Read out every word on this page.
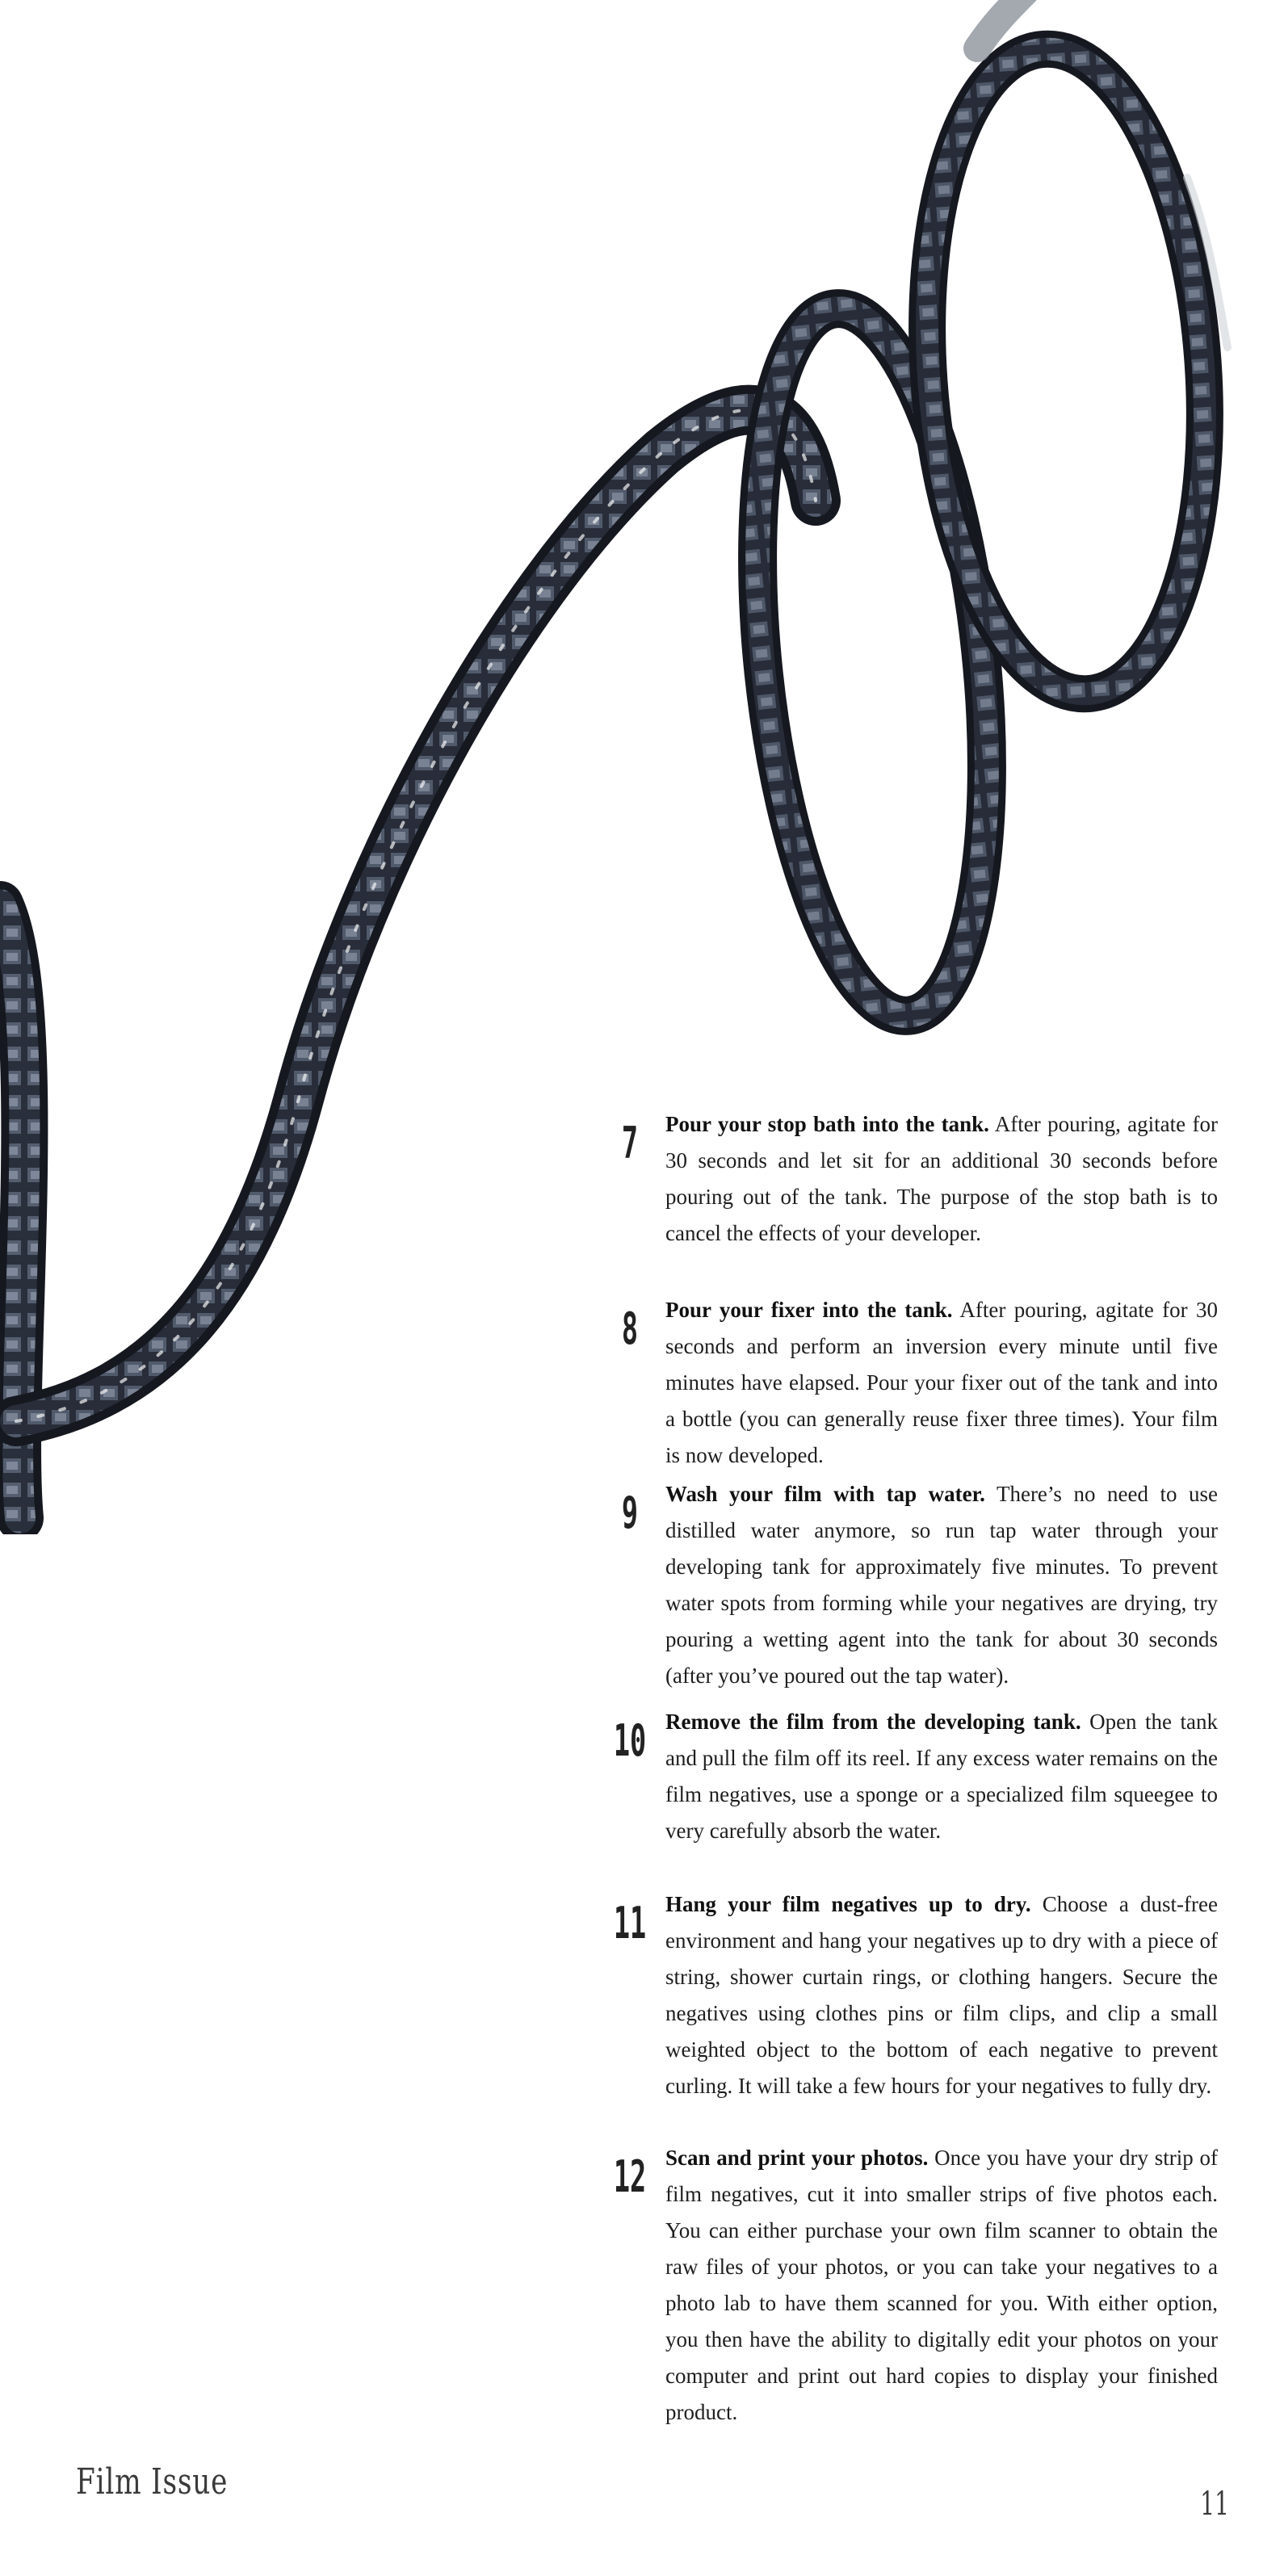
7	Pour your stop bath into the tank. After pouring, agitate for 30 seconds and let sit for an additional 30 seconds before pouring out of the tank. The purpose of the stop bath is to cancel the effects of your developer.

8	Pour your fixer into the tank. After pouring, agitate for 30 seconds and perform an inversion every minute until five minutes have elapsed. Pour your fixer out of the tank and into a bottle (you can generally reuse fixer three times). Your film is now developed.

9	Wash your film with tap water. There’s no need to use distilled water anymore, so run tap water through your developing tank for approximately five minutes. To prevent water spots from forming while your negatives are drying, try pouring a wetting agent into the tank for about 30 seconds (after you’ve poured out the tap water).

10 Remove the film from the developing tank. Open the tank and pull the film off its reel. If any excess water remains on the film negatives, use a sponge or a specialized film squeegee to very carefully absorb the water.

11 Hang your film negatives up to dry. Choose a dust-free environment and hang your negatives up to dry with a piece of string, shower curtain rings, or clothing hangers. Secure the negatives using clothes pins or film clips, and clip a small weighted object to the bottom of each negative to prevent curling. It will take a few hours for your negatives to fully dry.

12 Scan and print your photos. Once you have your dry strip of film negatives, cut it into smaller strips of five photos each. You can either purchase your own film scanner to obtain the raw files of your photos, or you can take your negatives to a photo lab to have them scanned for you. With either option, you then have the ability to digitally edit your photos on your computer and print out hard copies to display your finished product.

Film Issue
11
